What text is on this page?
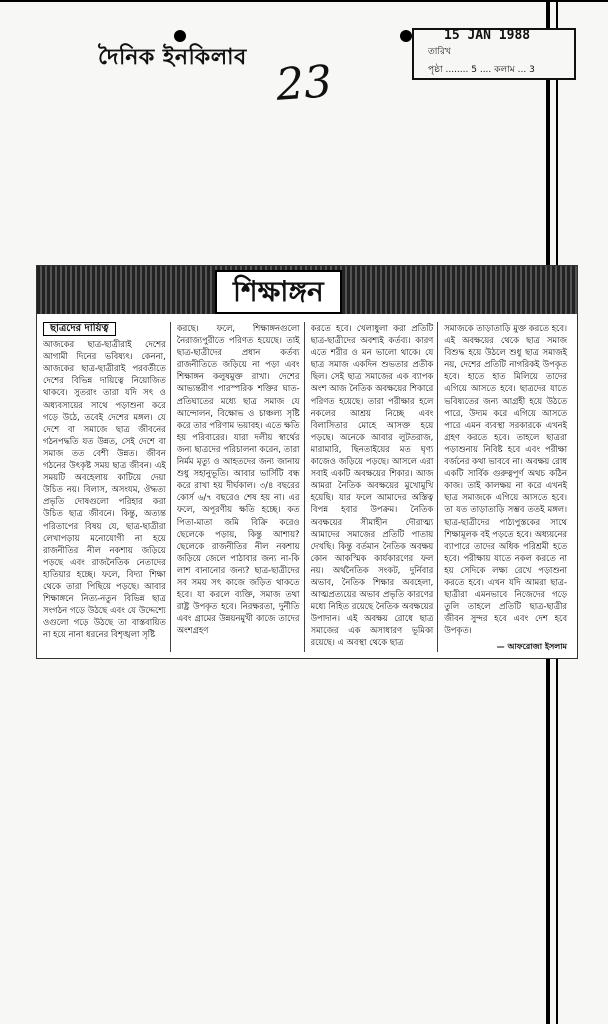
দৈনিক ইনকিলাব 23
15 JAN 1988
তারিখ
পৃষ্ঠা ........ 5 .... কলাম ... 3
শিক্ষাঙ্গন
ছাত্রদের দায়িত্ব
আজকের ছাত্র-ছাত্রীরাই দেশের আগামী দিনের ভবিষ্যৎ। কেননা, আজকের ছাত্র-ছাত্রীরাই পরবর্তীতে দেশের বিভিন্ন দায়িত্বে নিয়োজিত থাকবে। সুতরাং তারা যদি সৎ ও অধ্যবসায়ের সাথে পড়াশুনা করে গড়ে উঠে, তবেই দেশের মঙ্গল। যে দেশে বা সমাজে ছাত্র জীবনের গঠনপদ্ধতি যত উন্নত, সেই দেশে বা সমাজ তত বেশী উন্নত। জীবন গঠনের উৎকৃষ্ট সময় ছাত্র জীবন। এই সময়টি অবহেলায় কাটিয়ে দেয়া উচিত নয়। বিলাস, অসংযম, ঔদ্ধত্য প্রভৃতি দোষগুলো পরিহার করা উচিত ছাত্র জীবনে। কিন্তু, অত্যন্ত পরিতাপের বিষয় যে, ছাত্র-ছাত্রীরা লেখাপড়ায় মনোযোগী না হয়ে রাজনীতির নীল নকশায় জড়িয়ে পড়ছে এবং রাজনৈতিক নেতাদের হাতিয়ার হচ্ছে। ফলে, বিদ্যা শিক্ষা থেকে তারা পিছিয়ে পড়ছে। আবার শিক্ষাঙ্গনে নিত্য-নতুন বিভিন্ন ছাত্র সংগঠন গড়ে উঠছে এবং যে উদ্দেশ্যে ওগুলো গড়ে উঠছে তা বাস্তবায়িত না হয়ে নানা ধরনের বিশৃঙ্খলা সৃষ্টি
করছে। ফলে, শিক্ষাঙ্গনগুলো নৈরাজ্যপুরীতে পরিণত হয়েছে। তাই ছাত্র-ছাত্রীদের প্রধান কর্তব্য রাজনীতিতে জড়িয়ে না পড়া এবং শিক্ষাঙ্গন কলুষমুক্ত রাখা। দেশের আভ্যন্তরীণ পারস্পরিক শক্তির ঘাত-প্রতিঘাতের মধ্যে ছাত্র সমাজ যে আন্দোলন, বিক্ষোভ ও চাঞ্চল্য সৃষ্টি করে তার পরিণাম ভয়াবহ। এতে ক্ষতি হয় পরিবারের। যারা দলীয় স্বার্থের জন্য ছাত্রদের পরিচালনা করেন, তারা নির্মম মৃত্যু ও আহতদের জন্য জানায় শুধু সহানুভূতি। আবার ভার্সিটি বন্ধ করে রাখা হয় দীর্ঘকাল। ৩/৪ বছরের কোর্স ৬/৭ বছরেও শেষ হয় না। এর ফলে, অপূরণীয় ক্ষতি হচ্ছে। কত পিতা-মাতা জমি বিক্রি করেও ছেলেকে পড়ায়, কিন্তু আশায়? ছেলেকে রাজনীতির নীল নকশায় জড়িয়ে জেলে পাঠাবার জন্য না-কি লাশ বানানোর জন্য? ছাত্র-ছাত্রীদের সব সময় সৎ কাজে জড়িত থাকতে হবে। যা করলে ব্যক্তি, সমাজ তথা রাষ্ট্র উপকৃত হবে। নিরক্ষরতা, দুর্নীতি এবং গ্রামের উন্নয়নমুখী কাজে তাদের অংশগ্রহণ
করতে হবে। খেলাধুলা করা প্রতিটি ছাত্র-ছাত্রীদের অবশ্যই কর্তব্য। কারণ এতে শরীর ও মন ভালো থাকে। যে ছাত্র সমাজ একদিন শুভতার প্রতীক ছিল। সেই ছাত্র সমাজের এক ব্যাপক অংশ আজ নৈতিক অবক্ষয়ের শিকারে পরিণত হয়েছে। তারা পরীক্ষার হলে নকলের আশ্রয় নিচ্ছে এবং বিলাসিতার মোহে আসক্ত হয়ে পড়ছে। অনেকে আবার লুটতরাজ, মারামারি, ছিনতাইয়ের মত ঘৃণ্য কাজেও জড়িয়ে পড়ছে। আসলে এরা সবাই একটি অবক্ষয়ের শিকার। আজ আমরা নৈতিক অবক্ষয়ের মুখোমুখি হয়েছি। যার ফলে আমাদের অস্তিত্ব বিপন্ন হবার উপক্রম। নৈতিক অবক্ষয়ের সীমাহীন দৌরাত্ম্য আমাদের সমাজের প্রতিটি পাতায় দেখছি। কিন্তু বর্তমান নৈতিক অবক্ষয় কোন আকস্মিক কার্যকারণের ফল নয়। অর্থনৈতিক সংকট, দুর্নিবার অভাব, নৈতিক শিক্ষার অবহেলা, আত্মপ্রত্যয়ের অভাব প্রভৃতি কারণের মধ্যে নিহিত রয়েছে নৈতিক অবক্ষয়ের উপাদান। এই অবক্ষয় রোধে ছাত্র সমাজের এক অসাধারণ ভূমিকা রয়েছে। এ অবস্থা থেকে ছাত্র
সমাজকে তাড়াতাড়ি মুক্ত করতে হবে। এই অবক্ষয়ের থেকে ছাত্র সমাজ বিশুদ্ধ হয়ে উঠলে শুধু ছাত্র সমাজই নয়, দেশের প্রতিটি নাগরিকই উপকৃত হবে। হাতে হাত মিলিয়ে তাদের এগিয়ে আসতে হবে। ছাত্রদের যাতে ভবিষ্যতের জন্য আগ্রহী হয়ে উঠতে পারে, উদ্যম করে এগিয়ে আসতে পারে এমন ব্যবস্থা সরকারকে এখনই গ্রহণ করতে হবে। তাহলে ছাত্ররা পড়াশুনায় নিবিষ্ট হবে এবং পরীক্ষা বর্জনের কথা ভাববে না। অবক্ষয় রোধ একটি সার্বিক গুরুত্বপূর্ণ অথচ কঠিন কাজ। তাই কালক্ষয় না করে এখনই ছাত্র সমাজকে এগিয়ে আসতে হবে। তা যত তাড়াতাড়ি সম্ভব ততই মঙ্গল। ছাত্র-ছাত্রীদের পাঠ্যপুস্তকের সাথে শিক্ষামূলক বই পড়তে হবে। অধ্যয়নের ব্যাপারে তাদের অধিক পরিশ্রমী হতে হবে। পরীক্ষায় যাতে নকল করতে না হয় সেদিকে লক্ষ্য রেখে পড়াশুনা করতে হবে। এখন যদি আমরা ছাত্র-ছাত্রীরা এমনভাবে নিজেদের গড়ে তুলি তাহলে প্রতিটি ছাত্র-ছাত্রীর জীবন সুন্দর হবে এবং দেশ হবে উপকৃত।
— আফরোজা ইসলাম
